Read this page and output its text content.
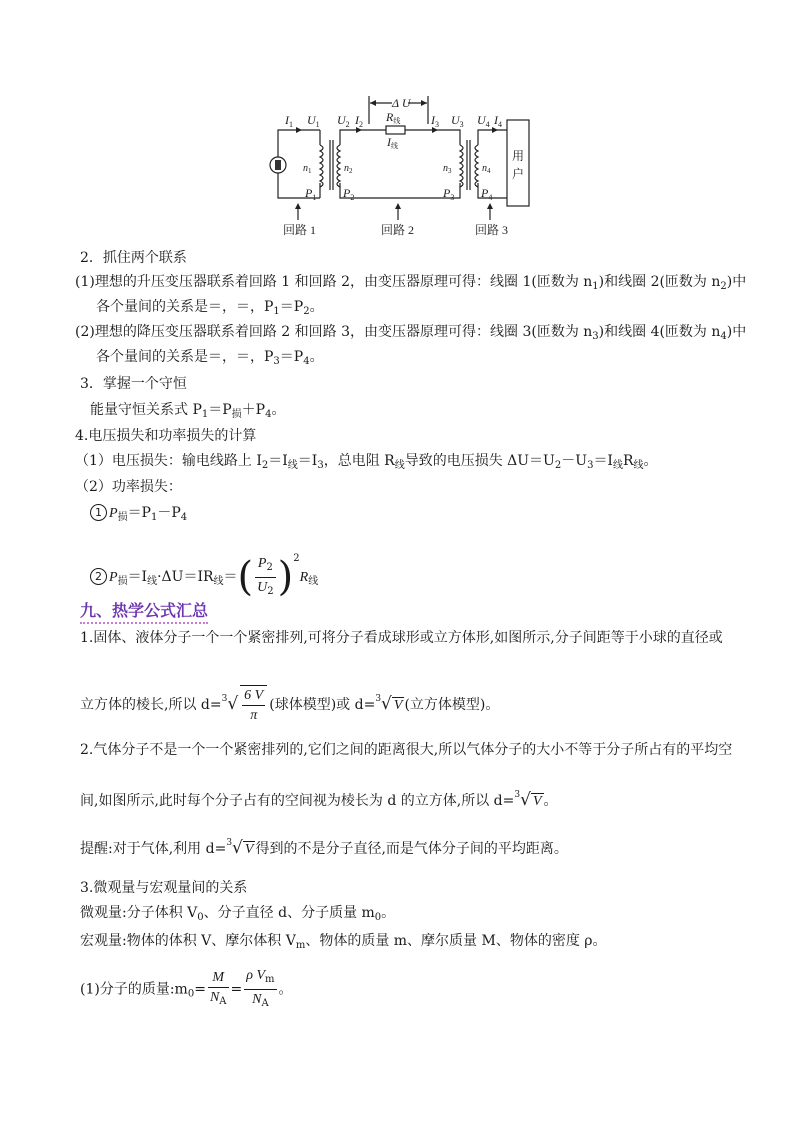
$I_1$ $U_1$ $U_2$ $I_2$
Δ U
R线
I线
$I_3$ $U_3$ $U_4$ $I_4$
$n_1$	$n_2$	$n_3$	$n_4$
$P_1$ $P_2$	$P_3$ $P_4$
用
户
回路 1	回路 2	回路 3
2．抓住两个联系
(1)理想的升压变压器联系着回路 1 和回路 2，由变压器原理可得：线圈 1(匝数为 $n_1$)和线圈 2(匝数为 $n_2$)中
各个量间的关系是＝，＝，$P_1=P_2$。
(2)理想的降压变压器联系着回路 2 和回路 3，由变压器原理可得：线圈 3(匝数为 $n_3$)和线圈 4(匝数为 $n_4$)中
各个量间的关系是＝，＝，$P_3=P_4$。
3．掌握一个守恒
能量守恒关系式 $P_1=P_损+P_4$。
4.电压损失和功率损失的计算
（1）电压损失：输电线路上 $I_2=I_线=I_3$，总电阻 $R_线$导致的电压损失 $\Delta U=U_2-U_3=I_线R_线$。
（2）功率损失：
1 $P_损=P_1-P_4$
2 $P_损=I_线\cdot\Delta U=IR_线=( \frac{P_2}{U_2} )^2R_线$
九、热学公式汇总
1.固体、液体分子一个一个紧密排列,可将分子看成球形或立方体形,如图所示,分子间距等于小球的直径或
立方体的棱长,所以 $d=^3√ \frac{6 V}{\pi}$ (球体模型)或 d=$^3$√ V (立方体模型)。
2.气体分子不是一个一个紧密排列的,它们之间的距离很大,所以气体分子的大小不等于分子所占有的平均空
间,如图所示,此时每个分子占有的空间视为棱长为 d 的立方体,所以 d=$^3$√ V 。
提醒:对于气体,利用 d=$^3$√ V 得到的不是分子直径,而是气体分子间的平均距离。
3.微观量与宏观量间的关系
微观量:分子体积 $V_0$、分子直径 d、分子质量 $m_0$。
宏观量:物体的体积 V、摩尔体积 $V_m$、物体的质量 m、摩尔质量 M、物体的密度 ρ。
(1)分子的质量$:m_0= \frac{M}{N_A} = \frac{\rho V_m}{N_A}$ 。
